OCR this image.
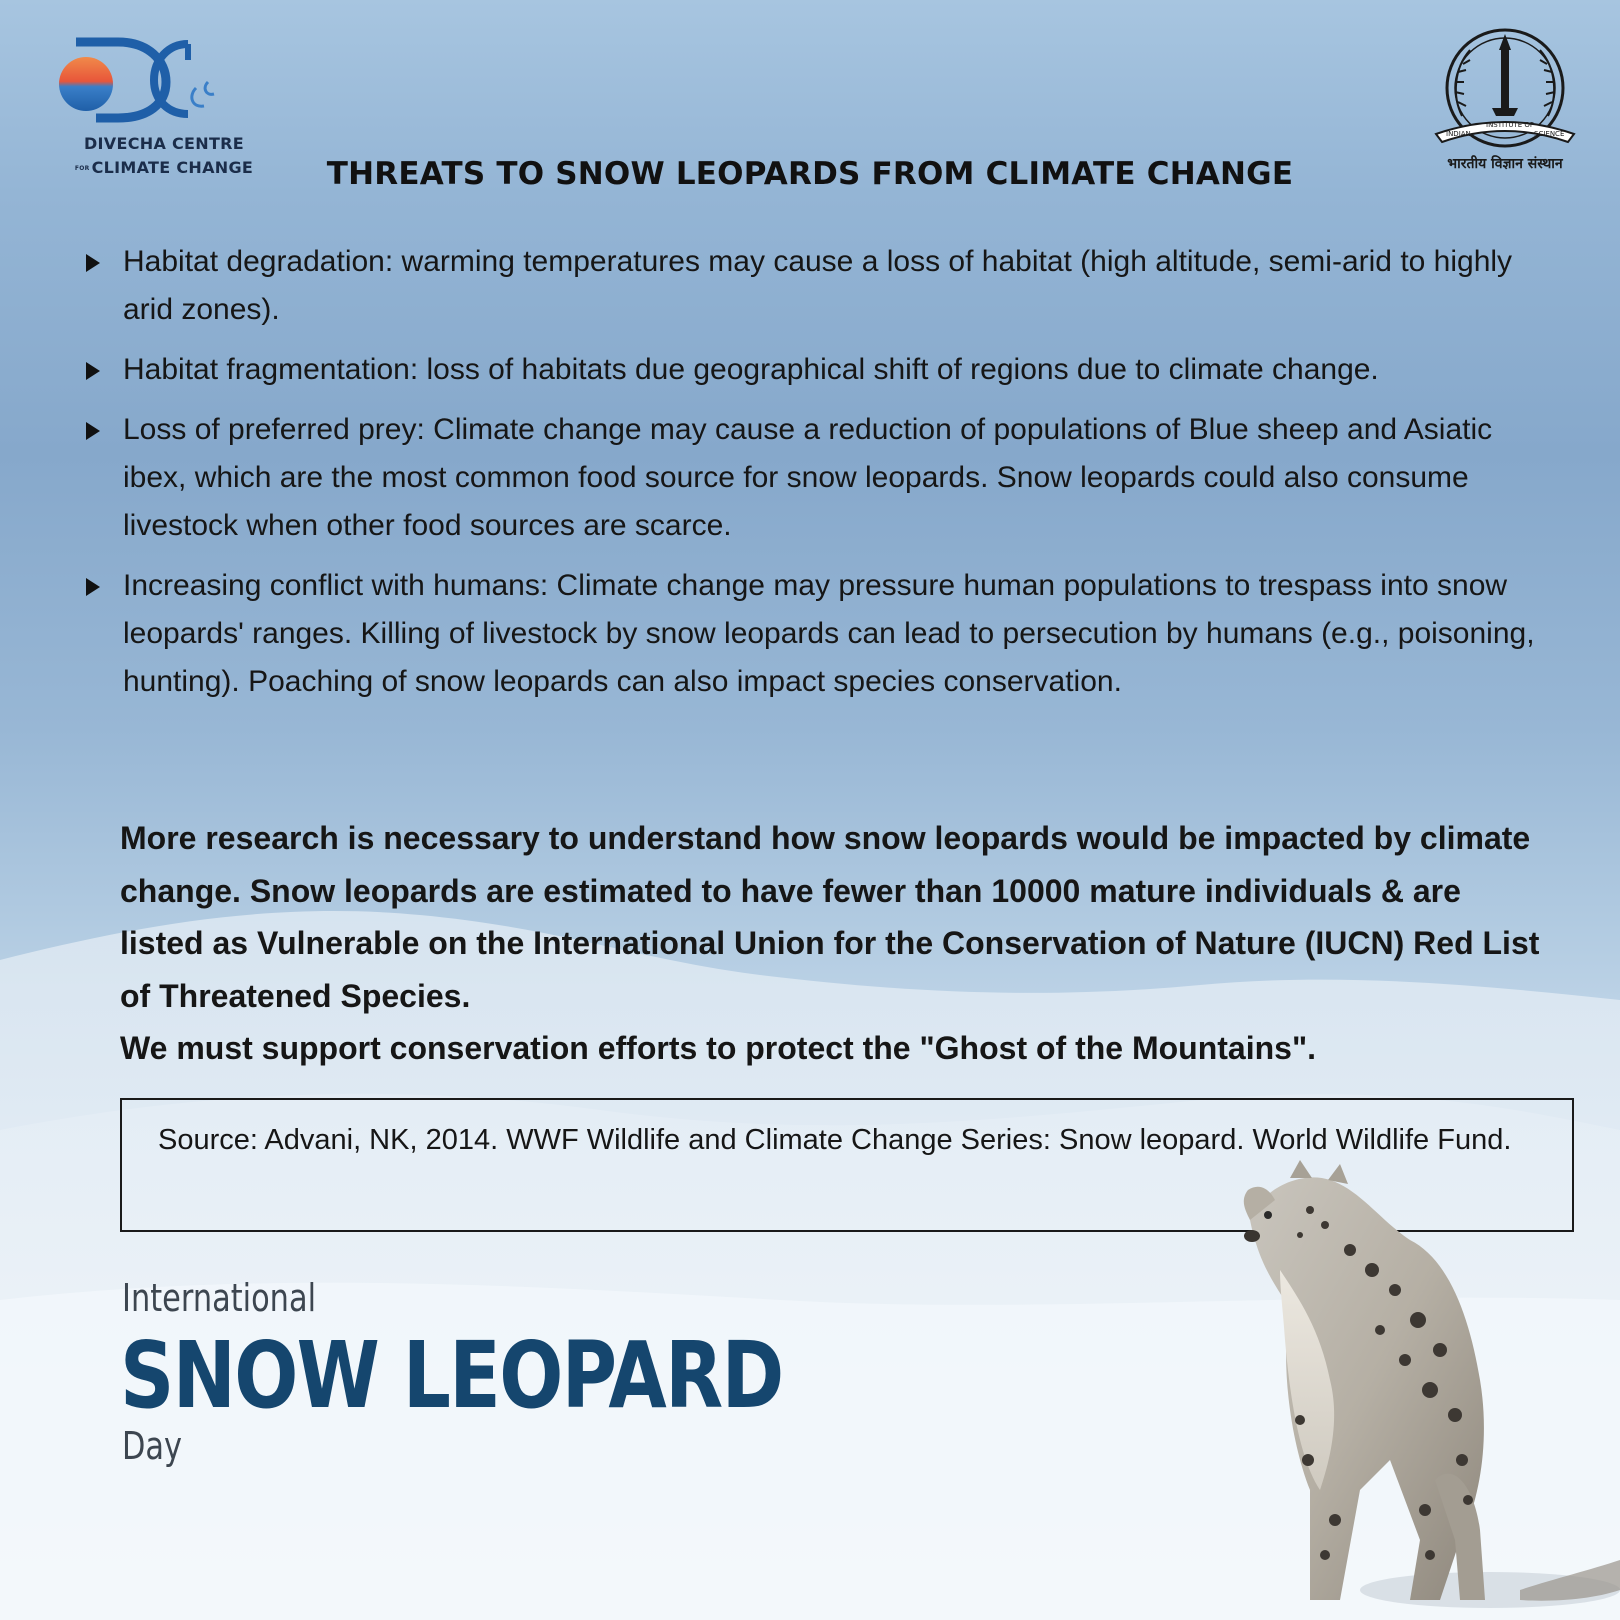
DIVECHA CENTRE
FOR CLIMATE CHANGE
INDIAN
INSTITUTE OF
SCIENCE
भारतीय विज्ञान संस्थान
THREATS TO SNOW LEOPARDS FROM CLIMATE CHANGE
Habitat degradation: warming temperatures may cause a loss of habitat (high altitude, semi-arid to highly arid zones).
Habitat fragmentation: loss of habitats due geographical shift of regions due to climate change.
Loss of preferred prey: Climate change may cause a reduction of populations of Blue sheep and Asiatic ibex, which are the most common food source for snow leopards. Snow leopards could also consume livestock when other food sources are scarce.
Increasing conflict with humans: Climate change may pressure human populations to trespass into snow leopards' ranges. Killing of livestock by snow leopards can lead to persecution by humans (e.g., poisoning, hunting). Poaching of snow leopards can also impact species conservation.
More research is necessary to understand how snow leopards would be impacted by climate change. Snow leopards are estimated to have fewer than 10000 mature individuals & are listed as Vulnerable on the International Union for the Conservation of Nature (IUCN) Red List of Threatened Species.
We must support conservation efforts to protect the "Ghost of the Mountains".
Source: Advani, NK, 2014. WWF Wildlife and Climate Change Series: Snow leopard. World Wildlife Fund.
International
SNOW LEOPARD
Day
